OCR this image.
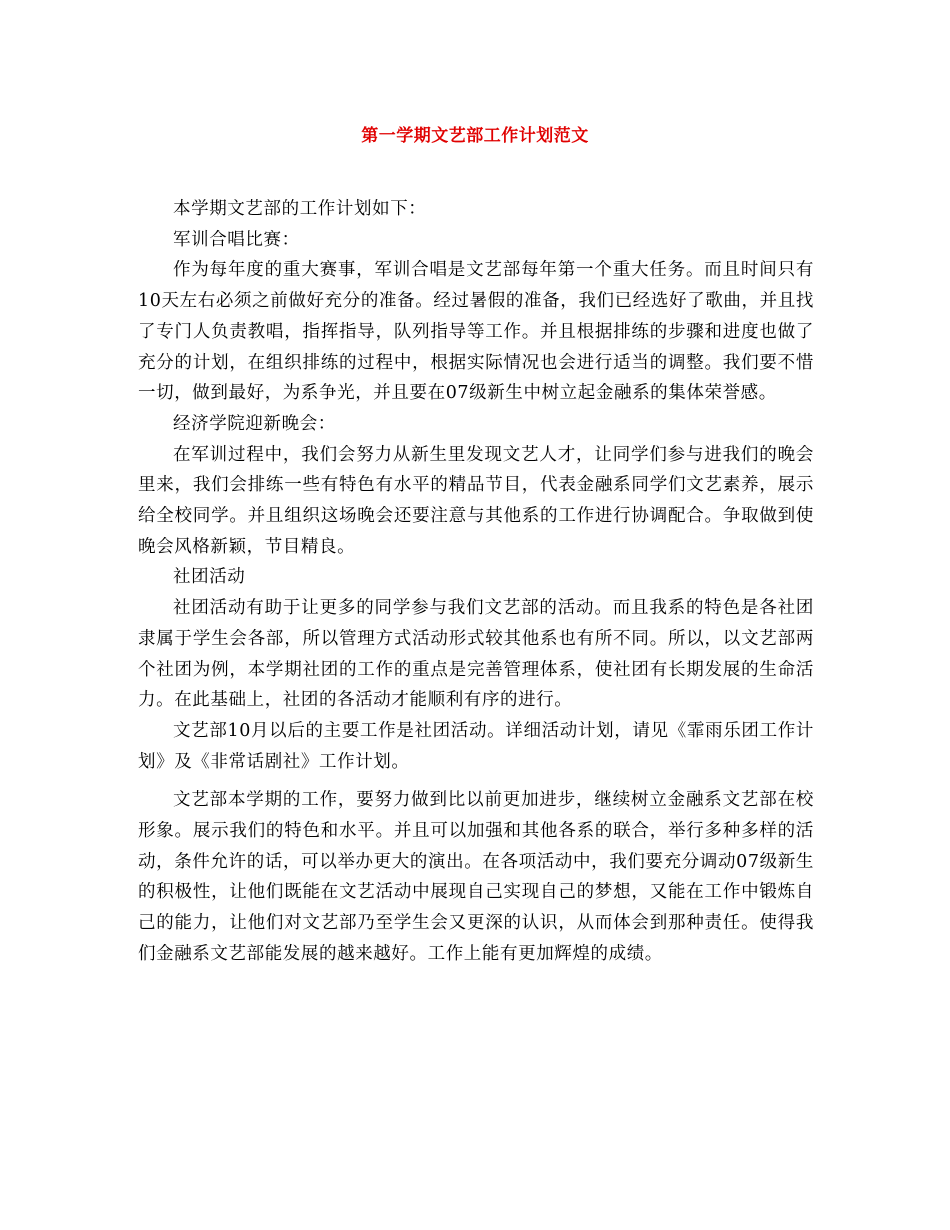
第一学期文艺部工作计划范文

本学期文艺部的工作计划如下：

军训合唱比赛：

作为每年度的重大赛事，军训合唱是文艺部每年第一个重大任务。而且时间只有10天左右必须之前做好充分的准备。经过暑假的准备，我们已经选好了歌曲，并且找了专门人负责教唱，指挥指导，队列指导等工作。并且根据排练的步骤和进度也做了充分的计划，在组织排练的过程中，根据实际情况也会进行适当的调整。我们要不惜一切，做到最好，为系争光，并且要在07级新生中树立起金融系的集体荣誉感。

经济学院迎新晚会：

在军训过程中，我们会努力从新生里发现文艺人才，让同学们参与进我们的晚会里来，我们会排练一些有特色有水平的精品节目，代表金融系同学们文艺素养，展示给全校同学。并且组织这场晚会还要注意与其他系的工作进行协调配合。争取做到使晚会风格新颖，节目精良。

社团活动

社团活动有助于让更多的同学参与我们文艺部的活动。而且我系的特色是各社团隶属于学生会各部，所以管理方式活动形式较其他系也有所不同。所以，以文艺部两个社团为例，本学期社团的工作的重点是完善管理体系，使社团有长期发展的生命活力。在此基础上，社团的各活动才能顺利有序的进行。

文艺部10月以后的主要工作是社团活动。详细活动计划，请见《霏雨乐团工作计划》及《非常话剧社》工作计划。

文艺部本学期的工作，要努力做到比以前更加进步，继续树立金融系文艺部在校形象。展示我们的特色和水平。并且可以加强和其他各系的联合，举行多种多样的活动，条件允许的话，可以举办更大的演出。在各项活动中，我们要充分调动07级新生的积极性，让他们既能在文艺活动中展现自己实现自己的梦想，又能在工作中锻炼自己的能力，让他们对文艺部乃至学生会又更深的认识，从而体会到那种责任。使得我们金融系文艺部能发展的越来越好。工作上能有更加辉煌的成绩。
